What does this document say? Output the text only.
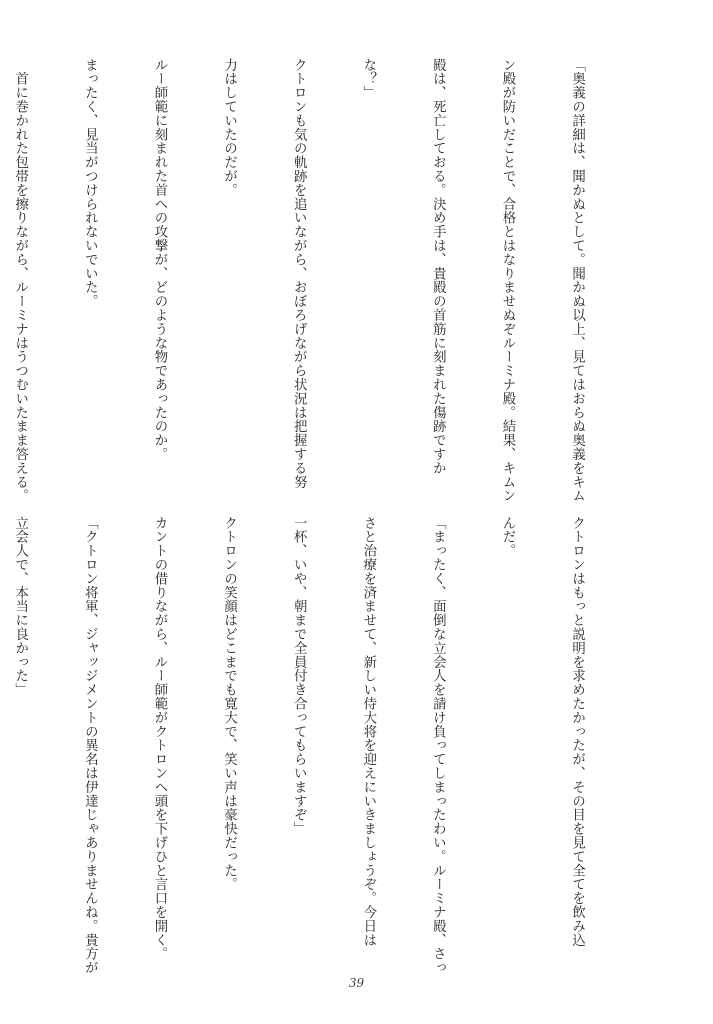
「奥義の詳細は、聞かぬとして。聞かぬ以上、見てはおらぬ奥義をキム

ン殿が防いだことで、合格とはなりませぬぞルーミナ殿。結果、キムン

殿は、死亡しておる。決め手は、貴殿の首筋に刻まれた傷跡ですか

な？」

クトロンも気の軌跡を追いながら、おぼろげながら状況は把握する努

力はしていたのだが。

ルー師範に刻まれた首への攻撃が、どのような物であったのか。

まったく、見当がつけられないでいた。

　首に巻かれた包帯を擦りながら、ルーミナはうつむいたまま答える。

クトロンはもっと説明を求めたかったが、その目を見て全てを飲み込

んだ。

「まったく、面倒な立会人を請け負ってしまったわい。ルーミナ殿、さっ

さと治療を済ませて、新しい侍大将を迎えにいきましょうぞ。今日は

一杯、いや、朝まで全員付き合ってもらいますぞ」

クトロンの笑顔はどこまでも寛大で、笑い声は豪快だった。

カントの借りながら、ルー師範がクトロンへ頭を下げひと言口を開く。

「クトロン将軍、ジャッジメントの異名は伊達じゃありませんね。貴方が

立会人で、本当に良かった」

39
